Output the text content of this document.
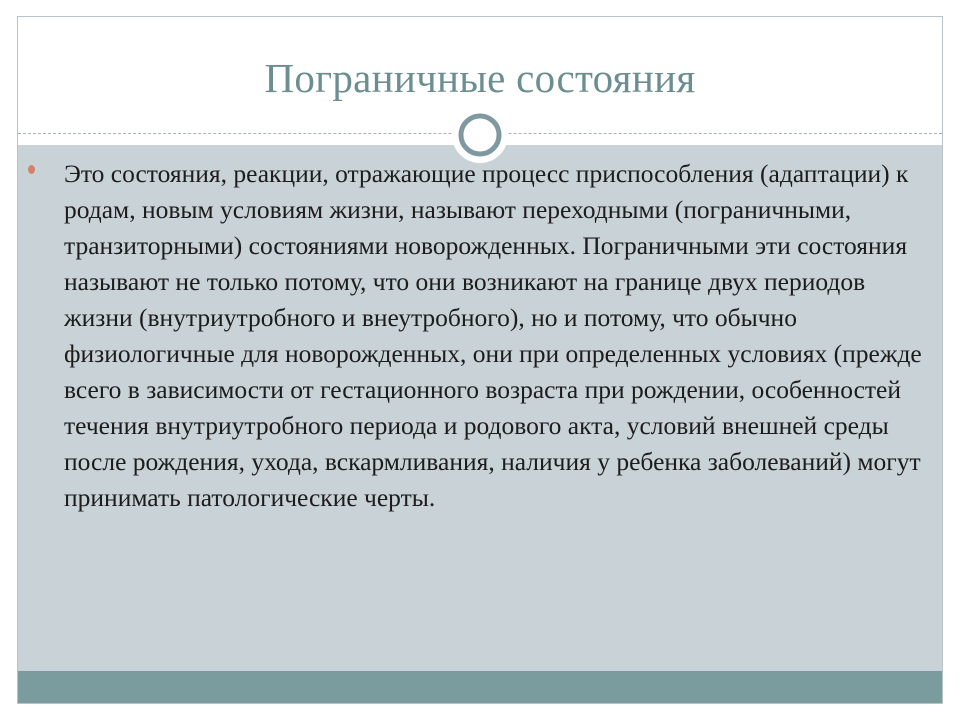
Пограничные состояния

Это состояния, реакции, отражающие процесс приспособления (адаптации) к родам, новым условиям жизни, называют переходными (пограничными, транзиторными) состояниями новорожденных. Пограничными эти состояния называют не только потому, что они возникают на границе двух периодов жизни (внутриутробного и внеутробного), но и потому, что обычно физиологичные для новорожденных, они при определенных условиях (прежде всего в зависимости от гестационного возраста при рождении, особенностей течения внутриутробного периода и родового акта, условий внешней среды после рождения, ухода, вскармливания, наличия у ребенка заболеваний) могут принимать патологические черты.
